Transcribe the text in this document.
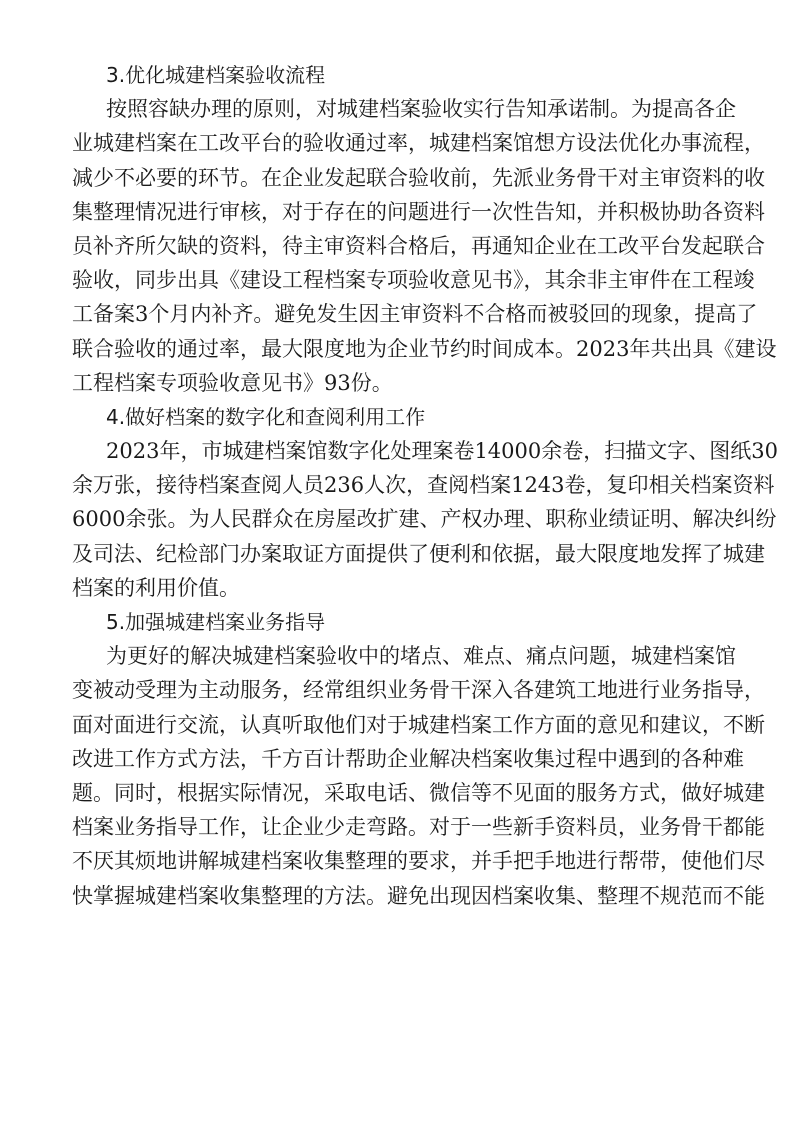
3.优化城建档案验收流程
按照容缺办理的原则，对城建档案验收实行告知承诺制。为提高各企
业城建档案在工改平台的验收通过率，城建档案馆想方设法优化办事流程，
减少不必要的环节。在企业发起联合验收前，先派业务骨干对主审资料的收
集整理情况进行审核，对于存在的问题进行一次性告知，并积极协助各资料
员补齐所欠缺的资料，待主审资料合格后，再通知企业在工改平台发起联合
验收，同步出具《建设工程档案专项验收意见书》，其余非主审件在工程竣
工备案3个月内补齐。避免发生因主审资料不合格而被驳回的现象，提高了
联合验收的通过率，最大限度地为企业节约时间成本。2023年共出具《建设
工程档案专项验收意见书》93份。
4.做好档案的数字化和查阅利用工作
2023年，市城建档案馆数字化处理案卷14000余卷，扫描文字、图纸30
余万张，接待档案查阅人员236人次，查阅档案1243卷，复印相关档案资料
6000余张。为人民群众在房屋改扩建、产权办理、职称业绩证明、解决纠纷
及司法、纪检部门办案取证方面提供了便利和依据，最大限度地发挥了城建
档案的利用价值。
5.加强城建档案业务指导
为更好的解决城建档案验收中的堵点、难点、痛点问题，城建档案馆
变被动受理为主动服务，经常组织业务骨干深入各建筑工地进行业务指导，
面对面进行交流，认真听取他们对于城建档案工作方面的意见和建议，不断
改进工作方式方法，千方百计帮助企业解决档案收集过程中遇到的各种难
题。同时，根据实际情况，采取电话、微信等不见面的服务方式，做好城建
档案业务指导工作，让企业少走弯路。对于一些新手资料员，业务骨干都能
不厌其烦地讲解城建档案收集整理的要求，并手把手地进行帮带，使他们尽
快掌握城建档案收集整理的方法。避免出现因档案收集、整理不规范而不能
